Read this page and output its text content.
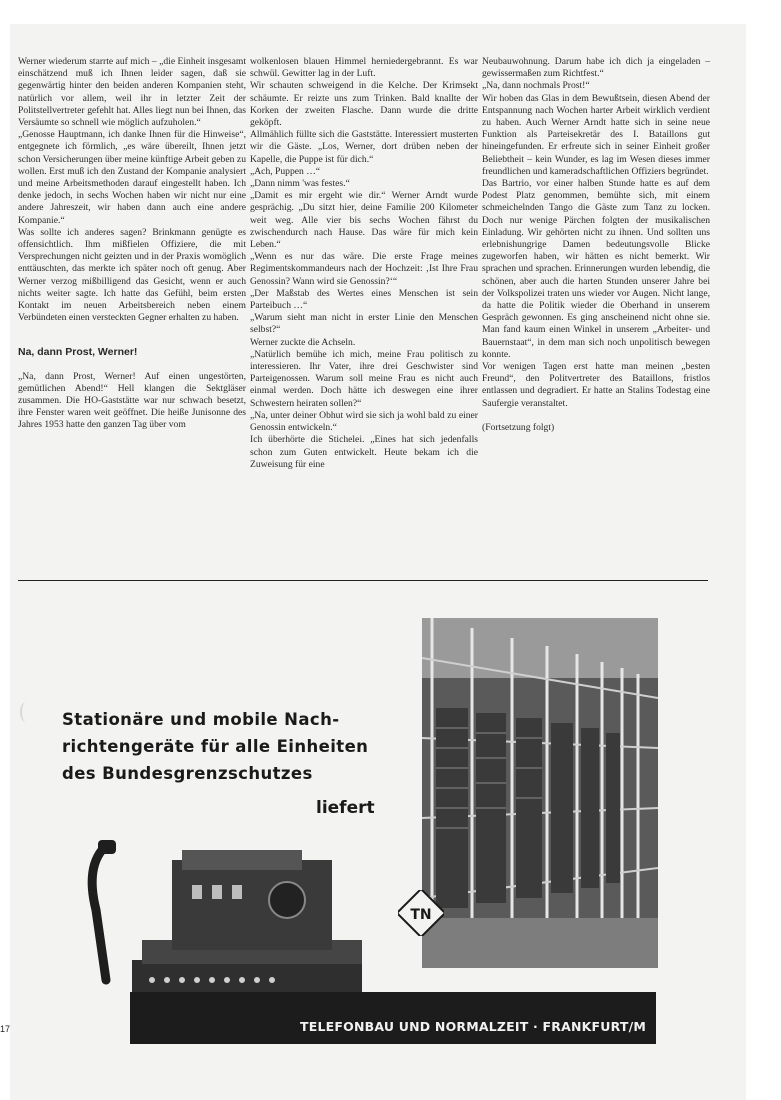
Werner wiederum starrte auf mich – „die Einheit insgesamt einschätzend muß ich Ihnen leider sagen, daß sie gegenwärtig hinter den beiden anderen Kompanien steht, natürlich vor allem, weil ihr in letzter Zeit der Politstellvertreter gefehlt hat. Alles liegt nun bei Ihnen, das Versäumte so schnell wie möglich aufzuholen.“

„Genosse Hauptmann, ich danke Ihnen für die Hinweise“, entgegnete ich förmlich, „es wäre übereilt, Ihnen jetzt schon Versicherungen über meine künftige Arbeit geben zu wollen. Erst muß ich den Zustand der Kompanie analysiert und meine Arbeitsmethoden darauf eingestellt haben. Ich denke jedoch, in sechs Wochen haben wir nicht nur eine andere Jahreszeit, wir haben dann auch eine andere Kompanie.“

Was sollte ich anderes sagen? Brinkmann genügte es offensichtlich. Ihm mißfielen Offiziere, die mit Versprechungen nicht geizten und in der Praxis womöglich enttäuschten, das merkte ich später noch oft genug. Aber Werner verzog mißbilligend das Gesicht, wenn er auch nichts weiter sagte. Ich hatte das Gefühl, beim ersten Kontakt im neuen Arbeitsbereich neben einem Verbündeten einen versteckten Gegner erhalten zu haben.

Na, dann Prost, Werner!

„Na, dann Prost, Werner! Auf einen ungestörten, gemütlichen Abend!“ Hell klangen die Sektgläser zusammen. Die HO-Gaststätte war nur schwach besetzt, ihre Fenster waren weit geöffnet. Die heiße Junisonne des Jahres 1953 hatte den ganzen Tag über vom

wolkenlosen blauen Himmel herniedergebrannt. Es war schwül. Gewitter lag in der Luft.

Wir schauten schweigend in die Kelche. Der Krimsekt schäumte. Er reizte uns zum Trinken. Bald knallte der Korken der zweiten Flasche. Dann wurde die dritte geköpft.

Allmählich füllte sich die Gaststätte. Interessiert musterten wir die Gäste. „Los, Werner, dort drüben neben der Kapelle, die Puppe ist für dich.“

„Ach, Puppen …“

„Dann nimm 'was festes.“

„Damit es mir ergeht wie dir.“ Werner Arndt wurde gesprächig. „Du sitzt hier, deine Familie 200 Kilometer weit weg. Alle vier bis sechs Wochen fährst du zwischendurch nach Hause. Das wäre für mich kein Leben.“

„Wenn es nur das wäre. Die erste Frage meines Regimentskommandeurs nach der Hochzeit: ‚Ist Ihre Frau Genossin? Wann wird sie Genossin?‘“

„Der Maßstab des Wertes eines Menschen ist sein Parteibuch …“

„Warum sieht man nicht in erster Linie den Menschen selbst?“

Werner zuckte die Achseln.

„Natürlich bemühe ich mich, meine Frau politisch zu interessieren. Ihr Vater, ihre drei Geschwister sind Parteigenossen. Warum soll meine Frau es nicht auch einmal werden. Doch hätte ich deswegen eine ihrer Schwestern heiraten sollen?“

„Na, unter deiner Obhut wird sie sich ja wohl bald zu einer Genossin entwickeln.“

Ich überhörte die Stichelei. „Eines hat sich jedenfalls schon zum Guten entwickelt. Heute bekam ich die Zuweisung für eine

Neubauwohnung. Darum habe ich dich ja eingeladen – gewissermaßen zum Richtfest.“

„Na, dann nochmals Prost!“

Wir hoben das Glas in dem Bewußtsein, diesen Abend der Entspannung nach Wochen harter Arbeit wirklich verdient zu haben. Auch Werner Arndt hatte sich in seine neue Funktion als Parteisekretär des I. Bataillons gut hineingefunden. Er erfreute sich in seiner Einheit großer Beliebtheit – kein Wunder, es lag im Wesen dieses immer freundlichen und kameradschaftlichen Offiziers begründet.

Das Bartrio, vor einer halben Stunde hatte es auf dem Podest Platz genommen, bemühte sich, mit einem schmeichelnden Tango die Gäste zum Tanz zu locken. Doch nur wenige Pärchen folgten der musikalischen Einladung. Wir gehörten nicht zu ihnen. Und sollten uns erlebnishungrige Damen bedeutungsvolle Blicke zugeworfen haben, wir hätten es nicht bemerkt. Wir sprachen und sprachen. Erinnerungen wurden lebendig, die schönen, aber auch die harten Stunden unserer Jahre bei der Volkspolizei traten uns wieder vor Augen. Nicht lange, da hatte die Politik wieder die Oberhand in unserem Gespräch gewonnen. Es ging anscheinend nicht ohne sie. Man fand kaum einen Winkel in unserem „Arbeiter- und Bauernstaat“, in dem man sich noch unpolitisch bewegen konnte.

Vor wenigen Tagen erst hatte man meinen „besten Freund“, den Politvertreter des Bataillons, fristlos entlassen und degradiert. Er hatte an Stalins Todestag eine Saufergie veranstaltet.

(Fortsetzung folgt)

Stationäre und mobile Nach-
richtengeräte für alle Einheiten
des Bundesgrenzschutzes
liefert
TN
TELEFONBAU UND NORMALZEIT · FRANKFURT/M
17
